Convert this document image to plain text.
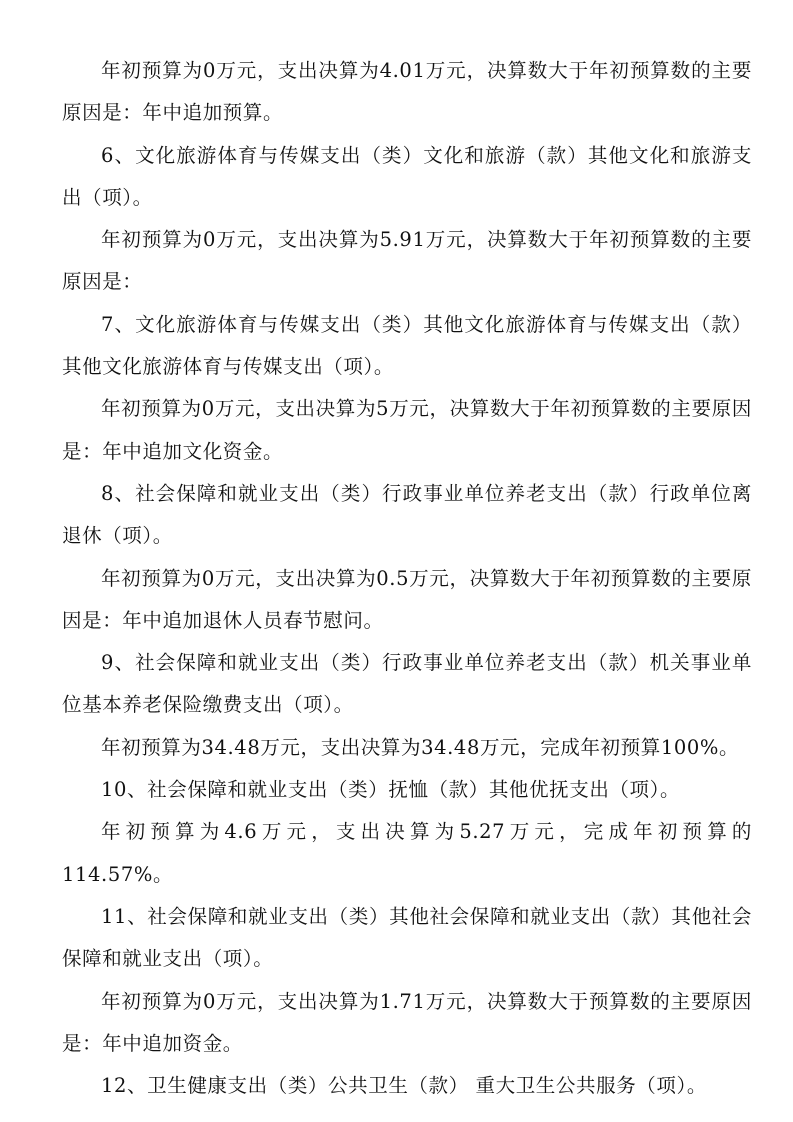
年初预算为0万元，支出决算为4.01万元，决算数大于年初预算数的主要原因是：年中追加预算。

6、文化旅游体育与传媒支出（类）文化和旅游（款）其他文化和旅游支出（项）。

年初预算为0万元，支出决算为5.91万元，决算数大于年初预算数的主要原因是：

7、文化旅游体育与传媒支出（类）其他文化旅游体育与传媒支出（款）其他文化旅游体育与传媒支出（项）。

年初预算为0万元，支出决算为5万元，决算数大于年初预算数的主要原因是：年中追加文化资金。

8、社会保障和就业支出（类）行政事业单位养老支出（款）行政单位离退休（项）。

年初预算为0万元，支出决算为0.5万元，决算数大于年初预算数的主要原因是：年中追加退休人员春节慰问。

9、社会保障和就业支出（类）行政事业单位养老支出（款）机关事业单位基本养老保险缴费支出（项）。

年初预算为34.48万元，支出决算为34.48万元，完成年初预算100%。

10、社会保障和就业支出（类）抚恤（款）其他优抚支出（项）。

年初预算为4.6万元，支出决算为5.27万元，完成年初预算的114.57%。

11、社会保障和就业支出（类）其他社会保障和就业支出（款）其他社会保障和就业支出（项）。

年初预算为0万元，支出决算为1.71万元，决算数大于预算数的主要原因是：年中追加资金。

12、卫生健康支出（类）公共卫生（款） 重大卫生公共服务（项）。
